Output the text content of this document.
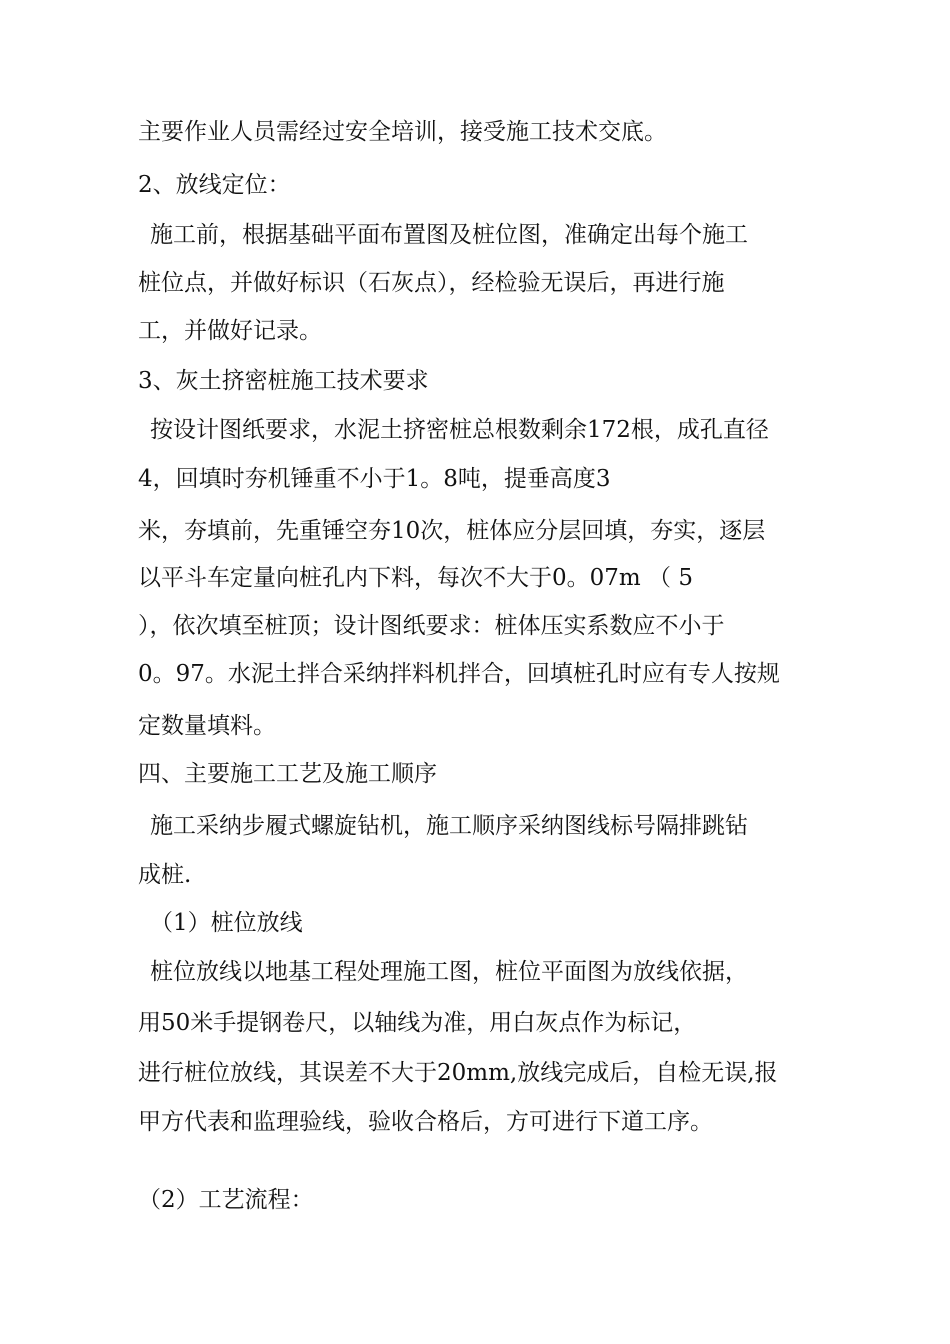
主要作业人员需经过安全培训，接受施工技术交底。
2、放线定位：
施工前，根据基础平面布置图及桩位图，准确定出每个施工
桩位点，并做好标识（石灰点），经检验无误后，再进行施
工，并做好记录。
3、灰土挤密桩施工技术要求
按设计图纸要求，水泥土挤密桩总根数剩余172根，成孔直径
4，回填时夯机锤重不小于1。8吨，提垂高度3
米，夯填前，先重锤空夯10次，桩体应分层回填，夯实，逐层
以平斗车定量向桩孔内下料，每次不大于0。07m （ 5
），依次填至桩顶；设计图纸要求：桩体压实系数应不小于
0。97。水泥土拌合采纳拌料机拌合，回填桩孔时应有专人按规
定数量填料。
四、主要施工工艺及施工顺序
施工采纳步履式螺旋钻机，施工顺序采纳图线标号隔排跳钻
成桩.
（1）桩位放线
桩位放线以地基工程处理施工图，桩位平面图为放线依据，
用50米手提钢卷尺，以轴线为准，用白灰点作为标记，
进行桩位放线，其误差不大于20mm,放线完成后，自检无误,报
甲方代表和监理验线，验收合格后，方可进行下道工序。
（2）工艺流程：
